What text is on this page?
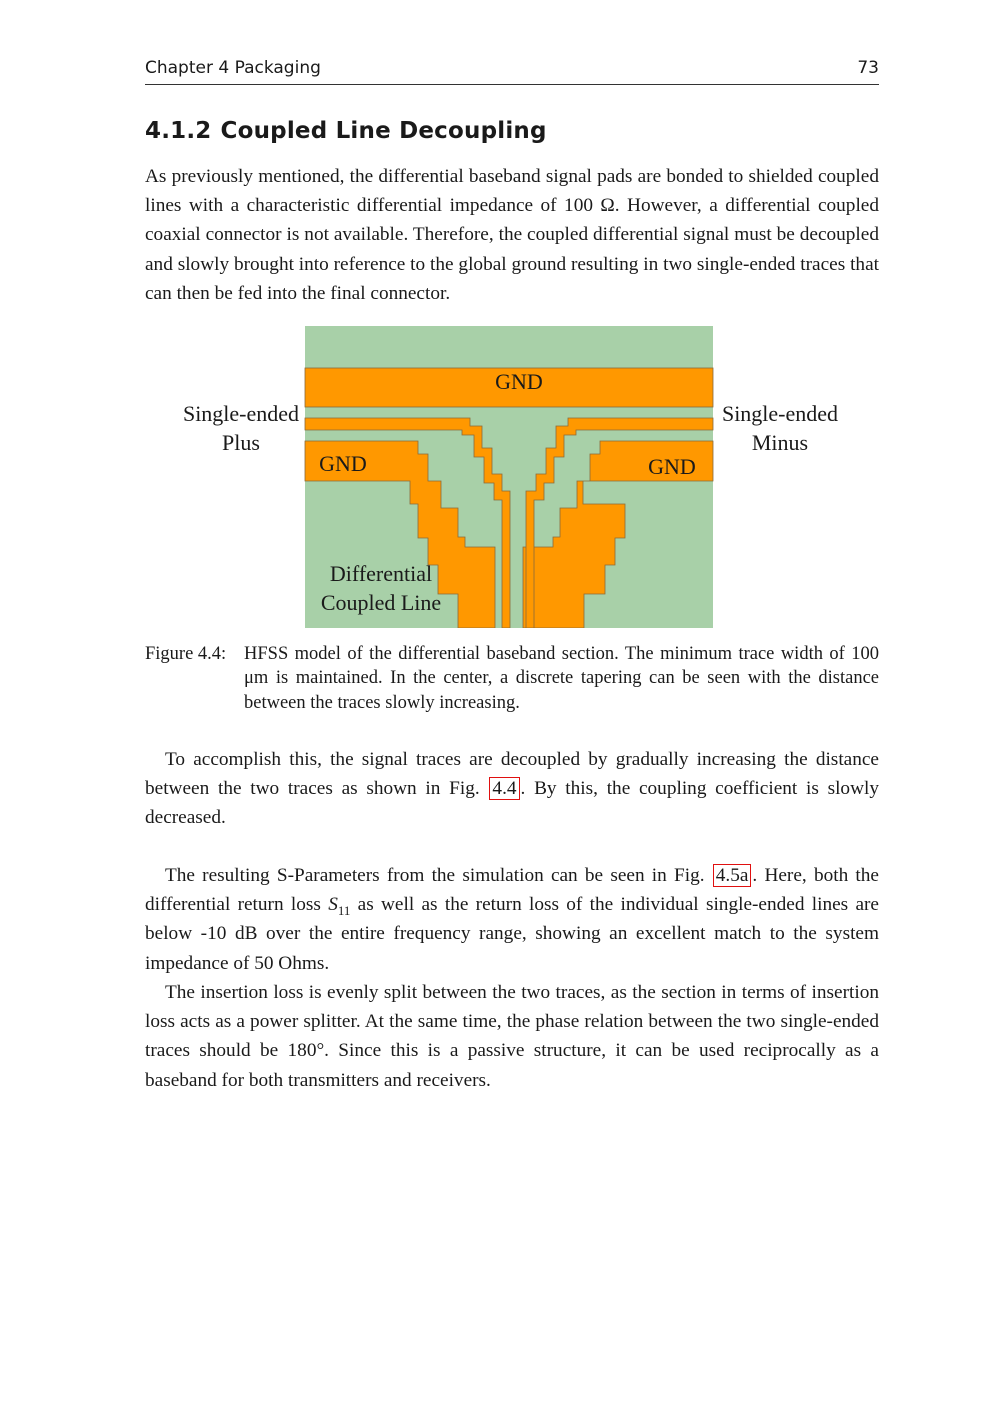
Chapter 4 Packaging	73
4.1.2 Coupled Line Decoupling

As previously mentioned, the differential baseband signal pads are bonded to shielded coupled lines with a characteristic differential impedance of 100 Ω. However, a differential coupled coaxial connector is not available. Therefore, the coupled differential signal must be decoupled and slowly brought into reference to the global ground resulting in two single-ended traces that can then be fed into the final connector.

GND
GND	GND
Single-ended
Plus
Single-ended
Minus
Differential
Coupled Line
Figure 4.4: HFSS model of the differential baseband section. The minimum trace width of 100 μm is maintained. In the center, a discrete tapering can be seen with the distance between the traces slowly increasing.

To accomplish this, the signal traces are decoupled by gradually increasing the distance between the two traces as shown in Fig. 4.4 . By this, the coupling coefficient is slowly decreased.

The resulting S-Parameters from the simulation can be seen in Fig. 4.5a . Here, both the differential return loss $S_{11}$ as well as the return loss of the individual single-ended lines are below -10 dB over the entire frequency range, showing an excellent match to the system impedance of 50 Ohms.

The insertion loss is evenly split between the two traces, as the section in terms of insertion loss acts as a power splitter. At the same time, the phase relation between the two single-ended traces should be 180°. Since this is a passive structure, it can be used reciprocally as a baseband for both transmitters and receivers.
